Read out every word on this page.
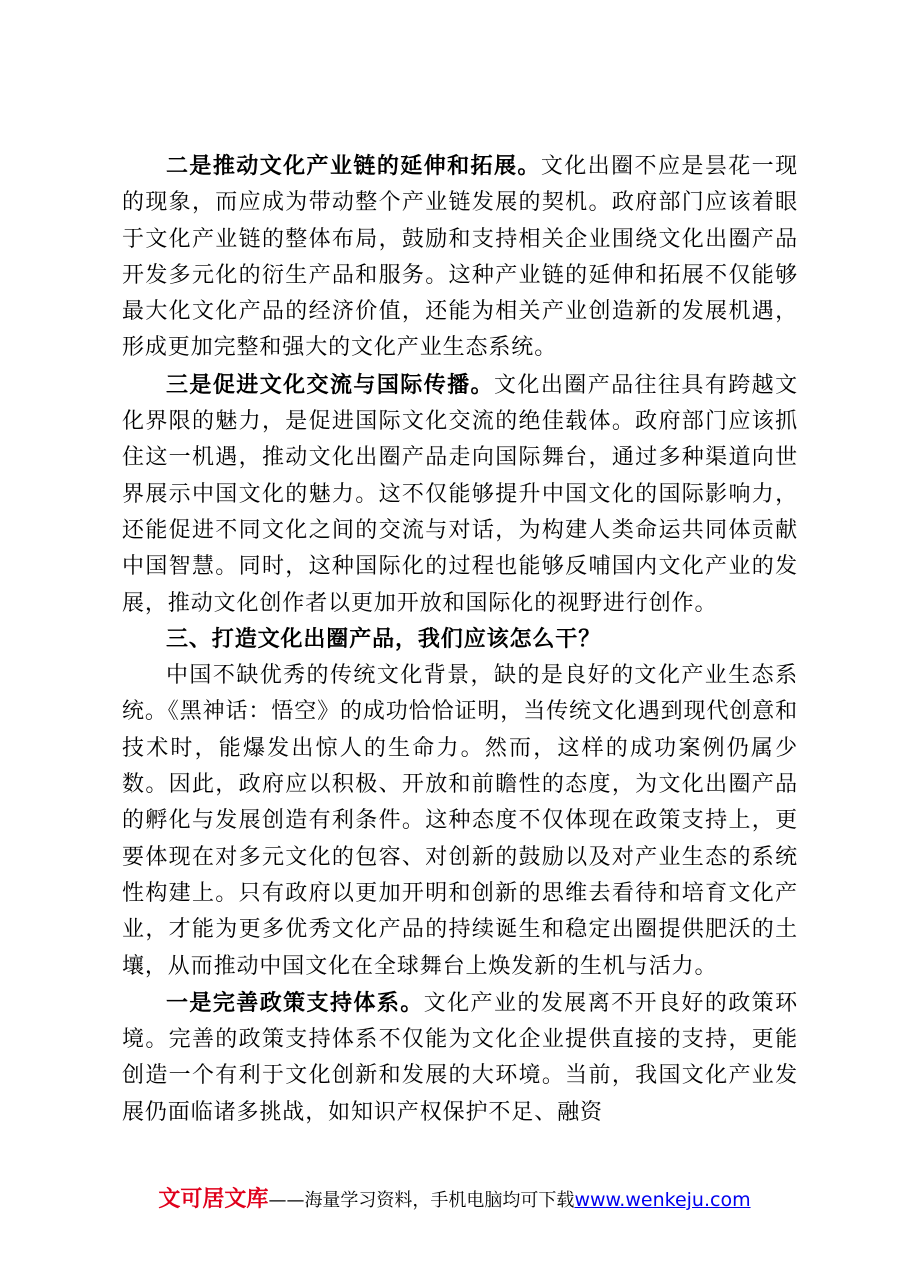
二是推动文化产业链的延伸和拓展。文化出圈不应是昙花一现的现象，而应成为带动整个产业链发展的契机。政府部门应该着眼于文化产业链的整体布局，鼓励和支持相关企业围绕文化出圈产品开发多元化的衍生产品和服务。这种产业链的延伸和拓展不仅能够最大化文化产品的经济价值，还能为相关产业创造新的发展机遇，形成更加完整和强大的文化产业生态系统。

三是促进文化交流与国际传播。文化出圈产品往往具有跨越文化界限的魅力，是促进国际文化交流的绝佳载体。政府部门应该抓住这一机遇，推动文化出圈产品走向国际舞台，通过多种渠道向世界展示中国文化的魅力。这不仅能够提升中国文化的国际影响力，还能促进不同文化之间的交流与对话，为构建人类命运共同体贡献中国智慧。同时，这种国际化的过程也能够反哺国内文化产业的发展，推动文化创作者以更加开放和国际化的视野进行创作。

三、打造文化出圈产品，我们应该怎么干？

中国不缺优秀的传统文化背景，缺的是良好的文化产业生态系统。《黑神话：悟空》的成功恰恰证明，当传统文化遇到现代创意和技术时，能爆发出惊人的生命力。然而，这样的成功案例仍属少数。因此，政府应以积极、开放和前瞻性的态度，为文化出圈产品的孵化与发展创造有利条件。这种态度不仅体现在政策支持上，更要体现在对多元文化的包容、对创新的鼓励以及对产业生态的系统性构建上。只有政府以更加开明和创新的思维去看待和培育文化产业，才能为更多优秀文化产品的持续诞生和稳定出圈提供肥沃的土壤，从而推动中国文化在全球舞台上焕发新的生机与活力。

一是完善政策支持体系。文化产业的发展离不开良好的政策环境。完善的政策支持体系不仅能为文化企业提供直接的支持，更能创造一个有利于文化创新和发展的大环境。当前，我国文化产业发展仍面临诸多挑战，如知识产权保护不足、融资

文可居文库——海量学习资料，手机电脑均可下载www.wenkeju.com
